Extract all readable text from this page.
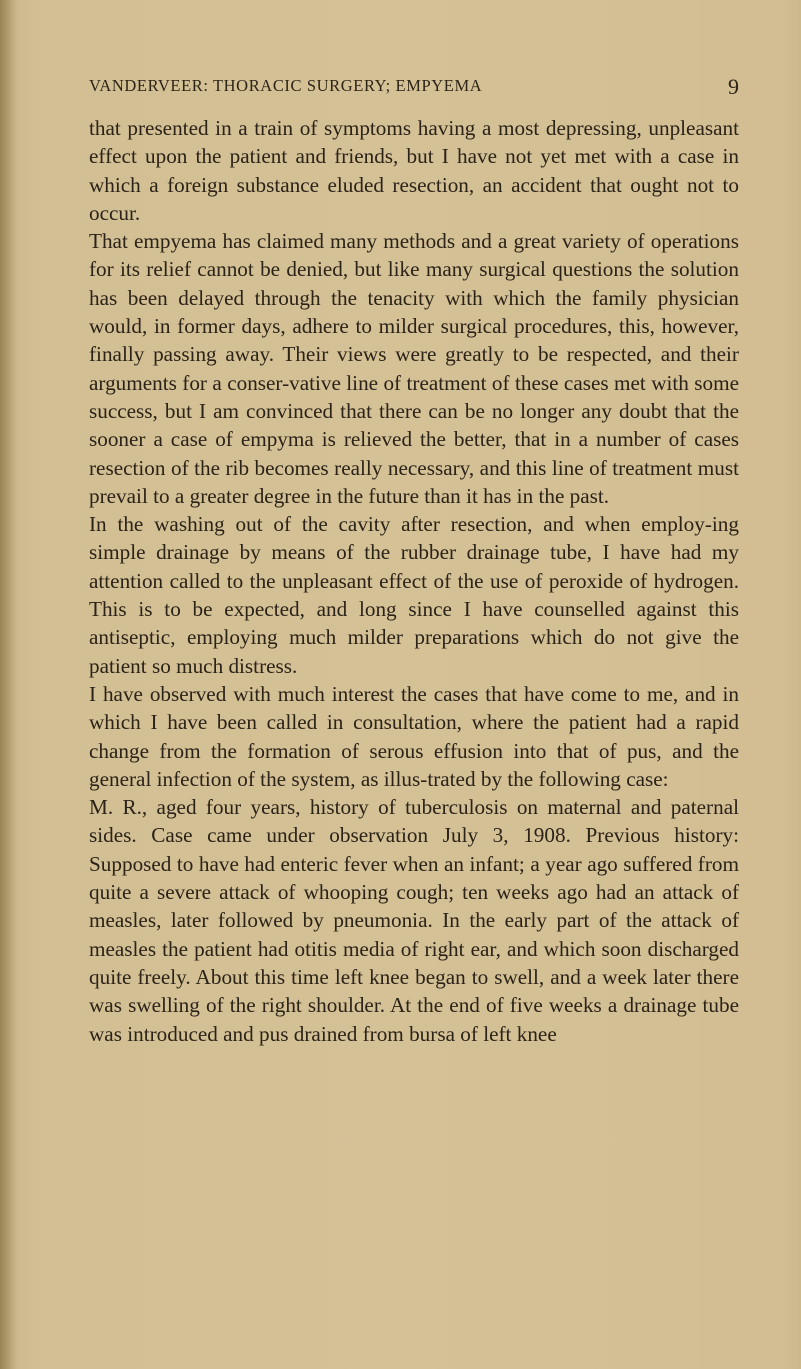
VANDERVEER: THORACIC SURGERY; EMPYEMA	9

that presented in a train of symptoms having a most depressing, unpleasant effect upon the patient and friends, but I have not yet met with a case in which a foreign substance eluded resection, an accident that ought not to occur.

That empyema has claimed many methods and a great variety of operations for its relief cannot be denied, but like many surgical questions the solution has been delayed through the tenacity with which the family physician would, in former days, adhere to milder surgical procedures, this, however, finally passing away. Their views were greatly to be respected, and their arguments for a conser-vative line of treatment of these cases met with some success, but I am convinced that there can be no longer any doubt that the sooner a case of empyma is relieved the better, that in a number of cases resection of the rib becomes really necessary, and this line of treatment must prevail to a greater degree in the future than it has in the past.

In the washing out of the cavity after resection, and when employ-ing simple drainage by means of the rubber drainage tube, I have had my attention called to the unpleasant effect of the use of peroxide of hydrogen. This is to be expected, and long since I have counselled against this antiseptic, employing much milder preparations which do not give the patient so much distress.

I have observed with much interest the cases that have come to me, and in which I have been called in consultation, where the patient had a rapid change from the formation of serous effusion into that of pus, and the general infection of the system, as illus-trated by the following case:

M. R., aged four years, history of tuberculosis on maternal and paternal sides. Case came under observation July 3, 1908. Previous history: Supposed to have had enteric fever when an infant; a year ago suffered from quite a severe attack of whooping cough; ten weeks ago had an attack of measles, later followed by pneumonia. In the early part of the attack of measles the patient had otitis media of right ear, and which soon discharged quite freely. About this time left knee began to swell, and a week later there was swelling of the right shoulder. At the end of five weeks a drainage tube was introduced and pus drained from bursa of left knee
